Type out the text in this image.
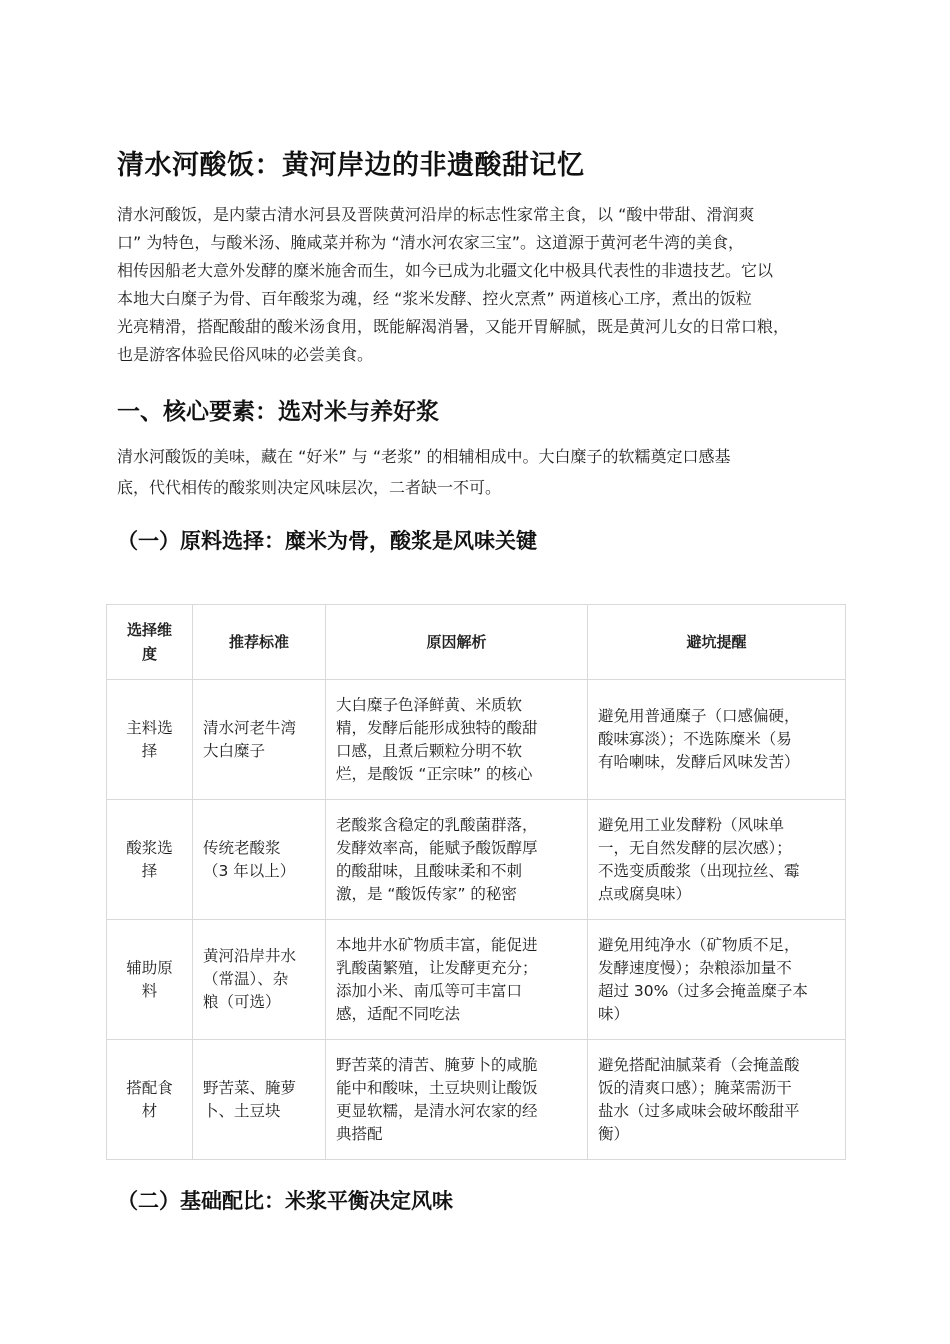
清水河酸饭：黄河岸边的非遗酸甜记忆

清水河酸饭，是内蒙古清水河县及晋陕黄河沿岸的标志性家常主食，以 “酸中带甜、滑润爽
口” 为特色，与酸米汤、腌咸菜并称为 “清水河农家三宝”。这道源于黄河老牛湾的美食，
相传因船老大意外发酵的糜米施舍而生，如今已成为北疆文化中极具代表性的非遗技艺。它以
本地大白糜子为骨、百年酸浆为魂，经 “浆米发酵、控火烹煮” 两道核心工序，煮出的饭粒
光亮精滑，搭配酸甜的酸米汤食用，既能解渴消暑，又能开胃解腻，既是黄河儿女的日常口粮，
也是游客体验民俗风味的必尝美食。

一、核心要素：选对米与养好浆

清水河酸饭的美味，藏在 “好米” 与 “老浆” 的相辅相成中。大白糜子的软糯奠定口感基
底，代代相传的酸浆则决定风味层次，二者缺一不可。

（一）原料选择：糜米为骨，酸浆是风味关键
选择维
度	推荐标准	原因解析	避坑提醒

主料选
择	清水河老牛湾
大白糜子	大白糜子色泽鲜黄、米质软
精，发酵后能形成独特的酸甜
口感，且煮后颗粒分明不软
烂，是酸饭 “正宗味” 的核心	避免用普通糜子（口感偏硬，
酸味寡淡）；不选陈糜米（易
有哈喇味，发酵后风味发苦）

酸浆选
择	传统老酸浆
（3 年以上）	老酸浆含稳定的乳酸菌群落，
发酵效率高，能赋予酸饭醇厚
的酸甜味，且酸味柔和不刺
激，是 “酸饭传家” 的秘密	避免用工业发酵粉（风味单
一，无自然发酵的层次感）；
不选变质酸浆（出现拉丝、霉
点或腐臭味）

辅助原
料	黄河沿岸井水
（常温）、杂
粮（可选）	本地井水矿物质丰富，能促进
乳酸菌繁殖，让发酵更充分；
添加小米、南瓜等可丰富口
感，适配不同吃法	避免用纯净水（矿物质不足，
发酵速度慢）；杂粮添加量不
超过 30%（过多会掩盖糜子本
味）

搭配食
材	野苦菜、腌萝
卜、土豆块	野苦菜的清苦、腌萝卜的咸脆
能中和酸味，土豆块则让酸饭
更显软糯，是清水河农家的经
典搭配	避免搭配油腻菜肴（会掩盖酸
饭的清爽口感）；腌菜需沥干
盐水（过多咸味会破坏酸甜平
衡）
（二）基础配比：米浆平衡决定风味
